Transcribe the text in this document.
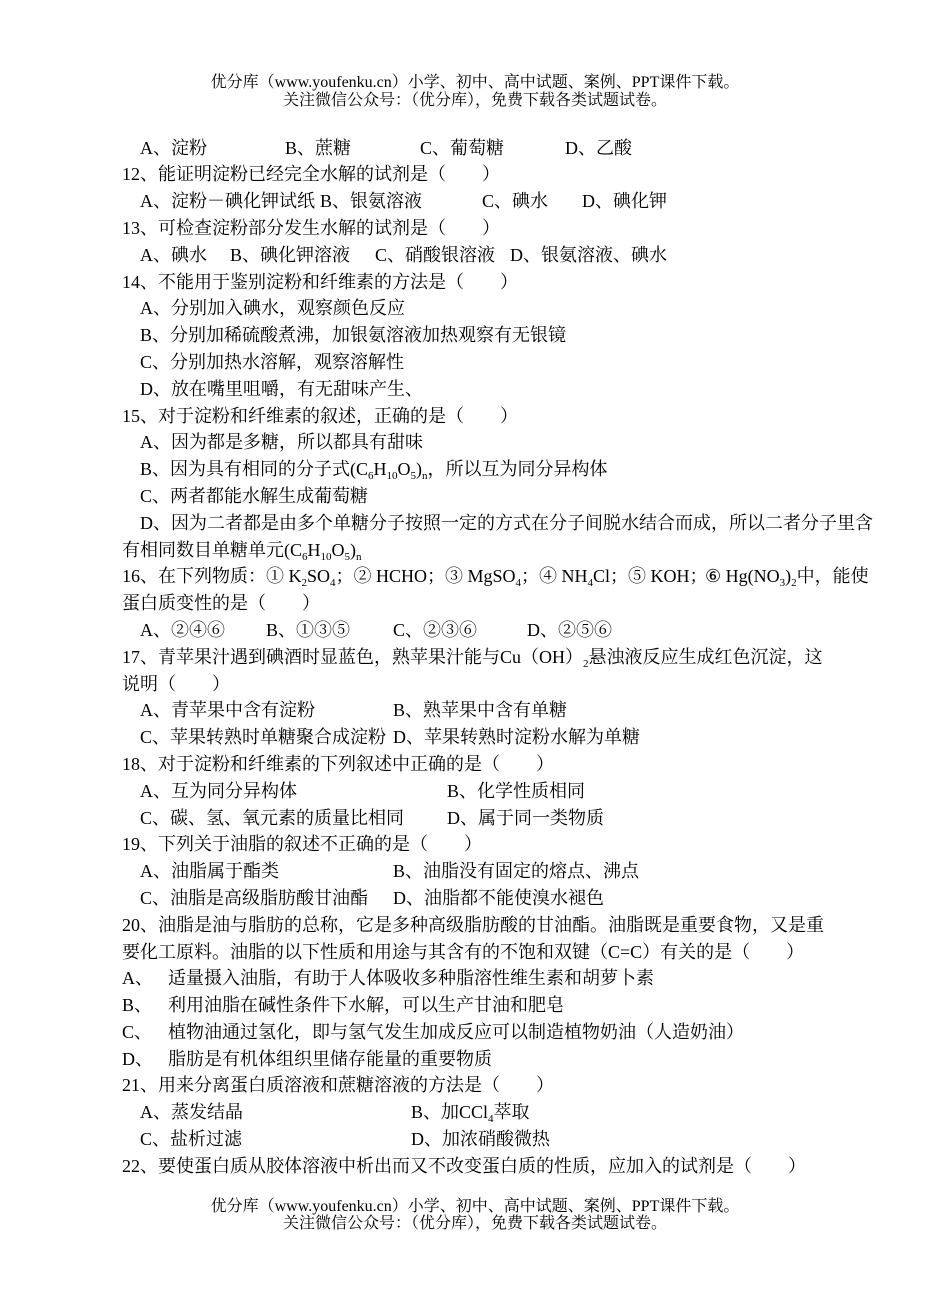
优分库（www.youfenku.cn）小学、初中、高中试题、案例、PPT课件下载。
关注微信公众号：（优分库），免费下载各类试题试卷。
A、淀粉	B、蔗糖	C、葡萄糖	D、乙酸
12、能证明淀粉已经完全水解的试剂是（　　）
A、淀粉－碘化钾试纸 B、银氨溶液	C、碘水 D、碘化钾
13、可检查淀粉部分发生水解的试剂是（　　）
A、碘水 B、碘化钾溶液 C、硝酸银溶液 D、银氨溶液、碘水
14、不能用于鉴别淀粉和纤维素的方法是（　　）
A、分别加入碘水，观察颜色反应
B、分别加稀硫酸煮沸，加银氨溶液加热观察有无银镜
C、分别加热水溶解，观察溶解性
D、放在嘴里咀嚼，有无甜味产生、
15、对于淀粉和纤维素的叙述，正确的是（　　）
A、因为都是多糖，所以都具有甜味
B、因为具有相同的分子式$(C_6H_{10}O_5)_n$，所以互为同分异构体
C、两者都能水解生成葡萄糖
D、因为二者都是由多个单糖分子按照一定的方式在分子间脱水结合而成，所以二者分子里含
有相同数目单糖单元$(C_6H_{10}O_5)_n$
16、在下列物质：① $K_2SO_4$；② HCHO；③ MgSO$_4$；④ $NH_4Cl$；⑤ KOH；
⑥ $Hg(NO_3)_2$中，能使
蛋白质变性的是（　　）
A、②④⑥ B、①③⑤ C、②③⑥	D、②⑤⑥
17、青苹果汁遇到碘酒时显蓝色，熟苹果汁能与$Cu(OH)_2$悬浊液反应生成红色沉淀，这
说明（　　）
A、青苹果中含有淀粉	B、熟苹果中含有单糖
C、苹果转熟时单糖聚合成淀粉 D、苹果转熟时淀粉水解为单糖
18、对于淀粉和纤维素的下列叙述中正确的是（　　）
A、互为同分异构体	B、化学性质相同
C、碳、氢、氧元素的质量比相同 D、属于同一类物质
19、下列关于油脂的叙述不正确的是（　　）
A、油脂属于酯类	B、油脂没有固定的熔点、沸点
C、油脂是高级脂肪酸甘油酯 D、油脂都不能使溴水褪色
20、油脂是油与脂肪的总称，它是多种高级脂肪酸的甘油酯。油脂既是重要食物，又是重
要化工原料。油脂的以下性质和用途与其含有的不饱和双键（C=C）有关的是（　　）
A、 适量摄入油脂，有助于人体吸收多种脂溶性维生素和胡萝卜素
B、 利用油脂在碱性条件下水解，可以生产甘油和肥皂
C、 植物油通过氢化，即与氢气发生加成反应可以制造植物奶油（人造奶油）
D、 脂肪是有机体组织里储存能量的重要物质
21、用来分离蛋白质溶液和蔗糖溶液的方法是（　　）
A、蒸发结晶	B、加CCl$_4$萃取
C、盐析过滤	D、加浓硝酸微热
22、要使蛋白质从胶体溶液中析出而又不改变蛋白质的性质，应加入的试剂是（　　）
优分库（www.youfenku.cn）小学、初中、高中试题、案例、PPT课件下载。
关注微信公众号：（优分库），免费下载各类试题试卷。
